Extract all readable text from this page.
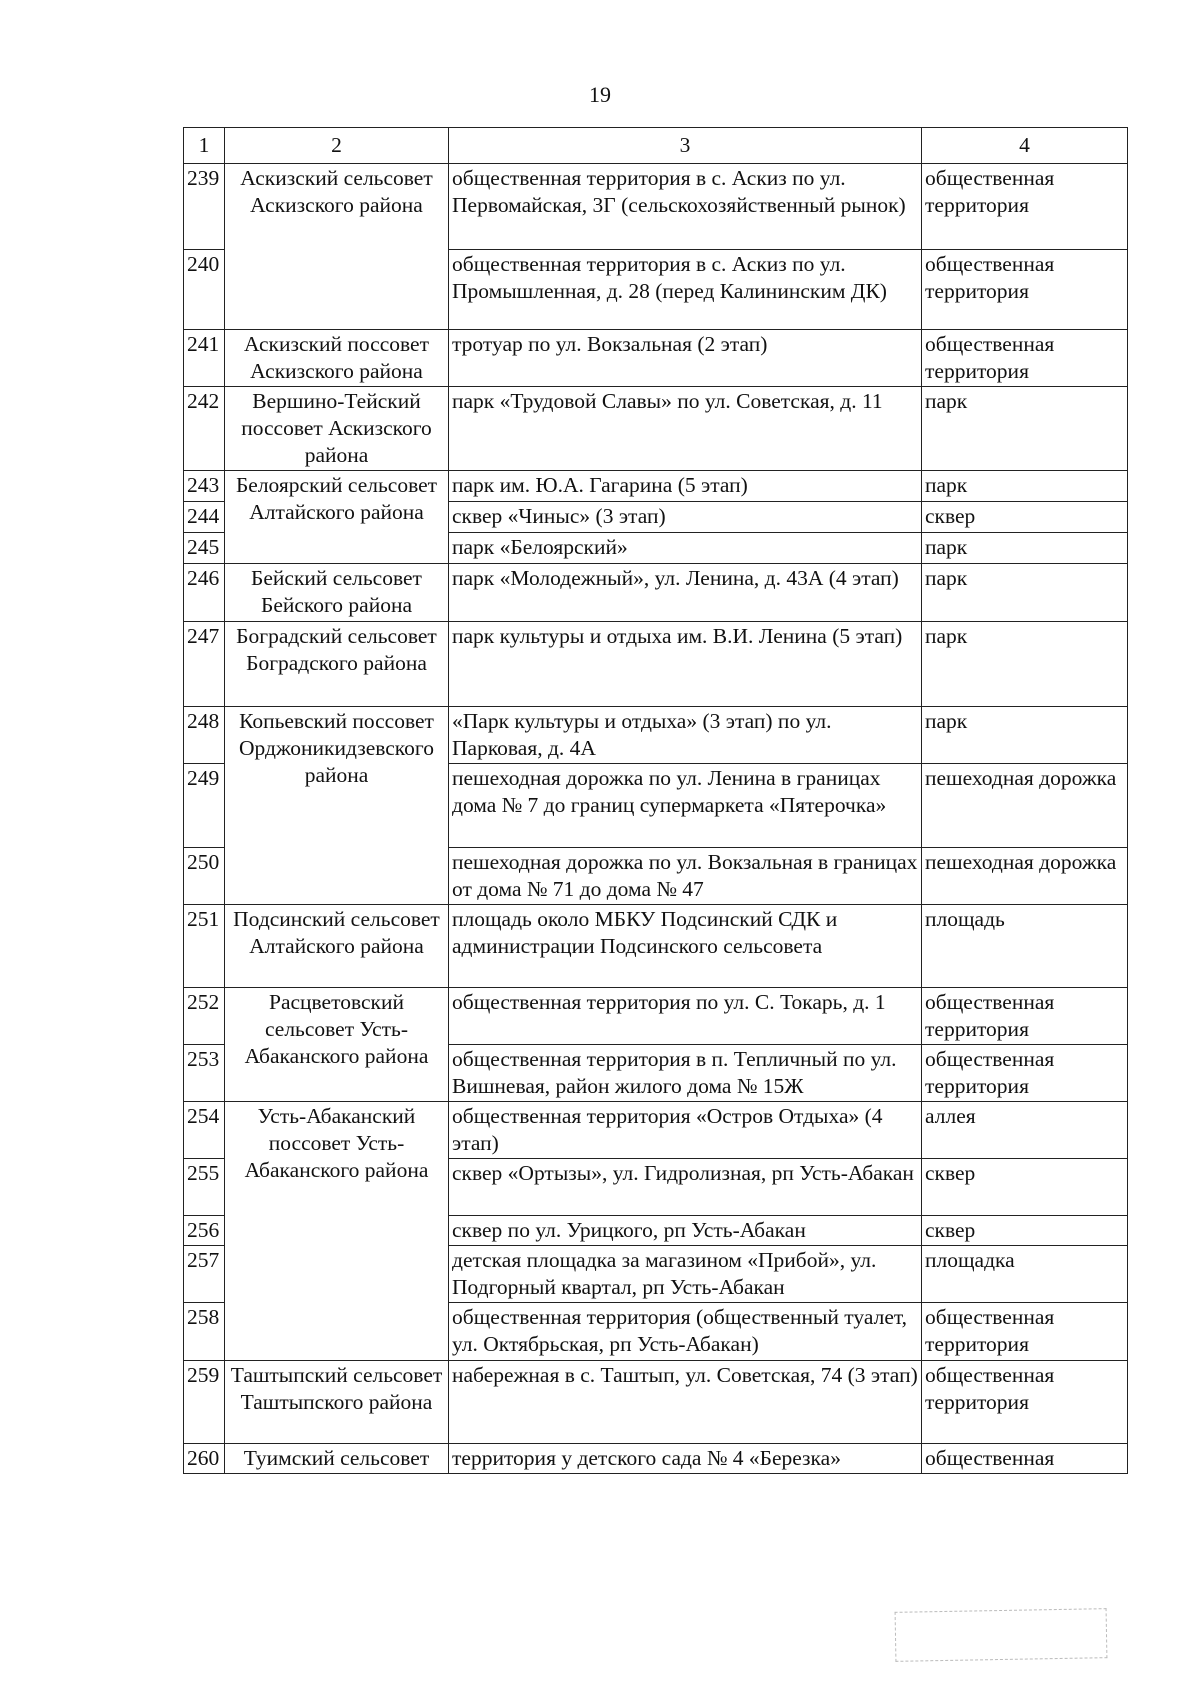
19
1	2	3	4
239	Аскизский сельсовет Аскизского района	общественная территория в с. Аскиз по ул. Первомайская, 3Г (сельскохозяйственный рынок)	общественная территория
240		общественная территория в с. Аскиз по ул. Промышленная, д. 28 (перед Калининским ДК)	общественная территория
241	Аскизский поссовет Аскизского района	тротуар по ул. Вокзальная (2 этап)	общественная территория
242	Вершино-Тейский поссовет Аскизского района	парк «Трудовой Славы» по ул. Советская, д. 11	парк
243	Белоярский сельсовет Алтайского района	парк им. Ю.А. Гагарина (5 этап)	парк
244		сквер «Чиныс» (3 этап)	сквер
245		парк «Белоярский»	парк
246	Бейский сельсовет Бейского района	парк «Молодежный», ул. Ленина, д. 43А (4 этап)	парк
247	Боградский сельсовет Боградского района	парк культуры и отдыха им. В.И. Ленина (5 этап)	парк
248	Копьевский поссовет Орджоникидзевского района	«Парк культуры и отдыха» (3 этап) по ул. Парковая, д. 4А	парк
249		пешеходная дорожка по ул. Ленина в границах дома № 7 до границ супермаркета «Пятерочка»	пешеходная дорожка
250		пешеходная дорожка по ул. Вокзальная в границах от дома № 71 до дома № 47	пешеходная дорожка
251	Подсинский сельсовет Алтайского района	площадь около МБКУ Подсинский СДК и администрации Подсинского сельсовета	площадь
252	Расцветовский сельсовет Усть-Абаканского района	общественная территория по ул. С. Токарь, д. 1	общественная территория
253		общественная территория в п. Тепличный по ул. Вишневая, район жилого дома № 15Ж	общественная территория
254	Усть-Абаканский поссовет Усть-Абаканского района	общественная территория «Остров Отдыха» (4 этап)	аллея
255		сквер «Ортызы», ул. Гидролизная, рп Усть-Абакан	сквер
256		сквер по ул. Урицкого, рп Усть-Абакан	сквер
257		детская площадка за магазином «Прибой», ул. Подгорный квартал, рп Усть-Абакан	площадка
258		общественная территория (общественный туалет, ул. Октябрьская, рп Усть-Абакан)	общественная территория
259	Таштыпский сельсовет Таштыпского района	набережная в с. Таштып, ул. Советская, 74 (3 этап)	общественная территория
260	Туимский сельсовет	территория у детского сада № 4 «Березка»	общественная
